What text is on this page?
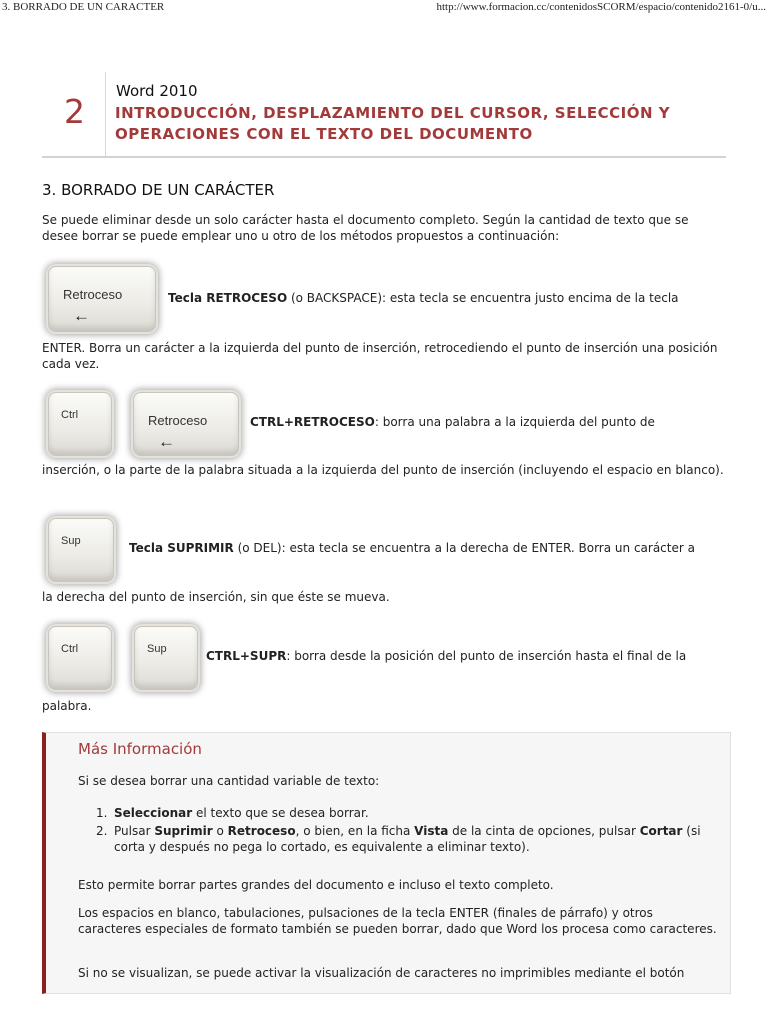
3. BORRADO DE UN CARACTER	http://www.formacion.cc/contenidosSCORM/espacio/contenido2161-0/u...
2
Word 2010
INTRODUCCIÓN, DESPLAZAMIENTO DEL CURSOR, SELECCIÓN Y
OPERACIONES CON EL TEXTO DEL DOCUMENTO
3. BORRADO DE UN CARÁCTER
Se puede eliminar desde un solo carácter hasta el documento completo. Según la cantidad de texto que se desee borrar se puede emplear uno u otro de los métodos propuestos a continuación:
Retroceso
←
Tecla RETROCESO (o BACKSPACE): esta tecla se encuentra justo encima de la tecla
ENTER. Borra un carácter a la izquierda del punto de inserción, retrocediendo el punto de inserción una posición cada vez.
Ctrl	Retroceso
←
CTRL+RETROCESO: borra una palabra a la izquierda del punto de
inserción, o la parte de la palabra situada a la izquierda del punto de inserción (incluyendo el espacio en blanco).
Sup	Tecla SUPRIMIR (o DEL): esta tecla se encuentra a la derecha de ENTER. Borra un carácter a
la derecha del punto de inserción, sin que éste se mueva.
Ctrl	Sup	CTRL+SUPR: borra desde la posición del punto de inserción hasta el final de la
palabra.
Más Información
Si se desea borrar una cantidad variable de texto:
1. Seleccionar el texto que se desea borrar.
2. Pulsar Suprimir o Retroceso, o bien, en la ficha Vista de la cinta de opciones, pulsar Cortar (si corta y después no pega lo cortado, es equivalente a eliminar texto).
Esto permite borrar partes grandes del documento e incluso el texto completo.
Los espacios en blanco, tabulaciones, pulsaciones de la tecla ENTER (finales de párrafo) y otros caracteres especiales de formato también se pueden borrar, dado que Word los procesa como caracteres.
Si no se visualizan, se puede activar la visualización de caracteres no imprimibles mediante el botón
